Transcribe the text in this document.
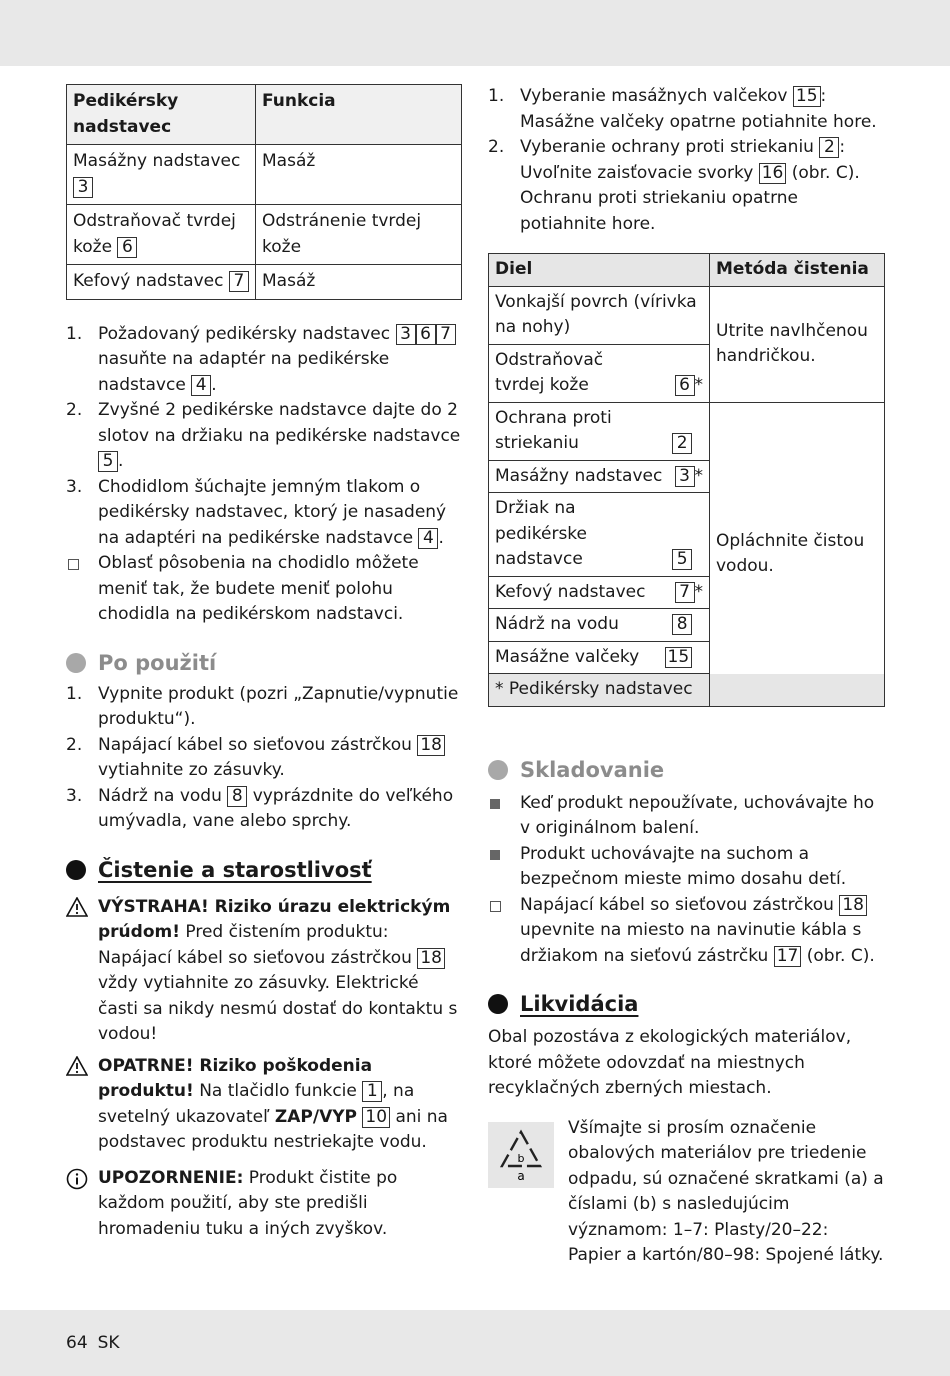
Pedikérsky nadstavec	Funkcia
Masážny nadstavec 3	Masáž
Odstraňovač tvrdej kože 6	Odstránenie tvrdej kože
Kefový nadstavec 7	Masáž
1. Požadovaný pedikérsky nadstavec 3 6 7 nasuňte na adaptér na pedikérske nadstavce 4 .
2. Zvyšné 2 pedikérske nadstavce dajte do 2 slotov na držiaku na pedikérske nadstavce 5 .
3. Chodidlom šúchajte jemným tlakom o pedikérsky nadstavec, ktorý je nasadený na adaptéri na pedikérske nadstavce 4 .
Oblasť pôsobenia na chodidlo môžete meniť tak, že budete meniť polohu chodidla na pedikérskom nadstavci.
Po použití
1. Vypnite produkt (pozri „Zapnutie/vypnutie produktu“).
2. Napájací kábel so sieťovou zástrčkou 18 vytiahnite zo zásuvky.
3. Nádrž na vodu 8 vyprázdnite do veľkého umývadla, vane alebo sprchy.
Čistenie a starostlivosť
VÝSTRAHA! Riziko úrazu elektrickým prúdom! Pred čistením produktu: Napájací kábel so sieťovou zástrčkou 18 vždy vytiahnite zo zásuvky. Elektrické časti sa nikdy nesmú dostať do kontaktu s vodou!
OPATRNE! Riziko poškodenia produktu! Na tlačidlo funkcie 1 , na svetelný ukazovateľ ZAP/VYP 10 ani na podstavec produktu nestriekajte vodu.
UPOZORNENIE: Produkt čistite po každom použití, aby ste predišli hromadeniu tuku a iných zvyškov.
1. Vyberanie masážnych valčekov 15 : Masážne valčeky opatrne potiahnite hore.
2. Vyberanie ochrany proti striekaniu 2 : Uvoľnite zaisťovacie svorky 16 (obr. C). Ochranu proti striekaniu opatrne potiahnite hore.
Diel	Metóda čistenia
Vonkajší povrch (vírivka na nohy)	Utrite navlhčenou handričkou.

Odstraňovač tvrdej kože 6 *	

Ochrana proti striekaniu 2	Opláchnite čistou vodou.

Masážny nadstavec 3 *	

Držiak na pedikérske nadstavce 5	

Kefový nadstavec 7 *	

Nádrž na vodu 8	

Masážne valčeky 15	

* Pedikérsky nadstavec	
Skladovanie
Keď produkt nepoužívate, uchovávajte ho v originálnom balení.
Produkt uchovávajte na suchom a bezpečnom mieste mimo dosahu detí.
Napájací kábel so sieťovou zástrčkou 18 upevnite na miesto na navinutie kábla s držiakom na sieťovú zástrčku 17 (obr. C).
Likvidácia
Obal pozostáva z ekologických materiálov, ktoré môžete odovzdať na miestnych recyklačných zberných miestach.
b
a
Všímajte si prosím označenie obalových materiálov pre triedenie odpadu, sú označené skratkami (a) a číslami (b) s nasledujúcim významom: 1–7: Plasty/20–22: Papier a kartón/80–98: Spojené látky.
64 SK
